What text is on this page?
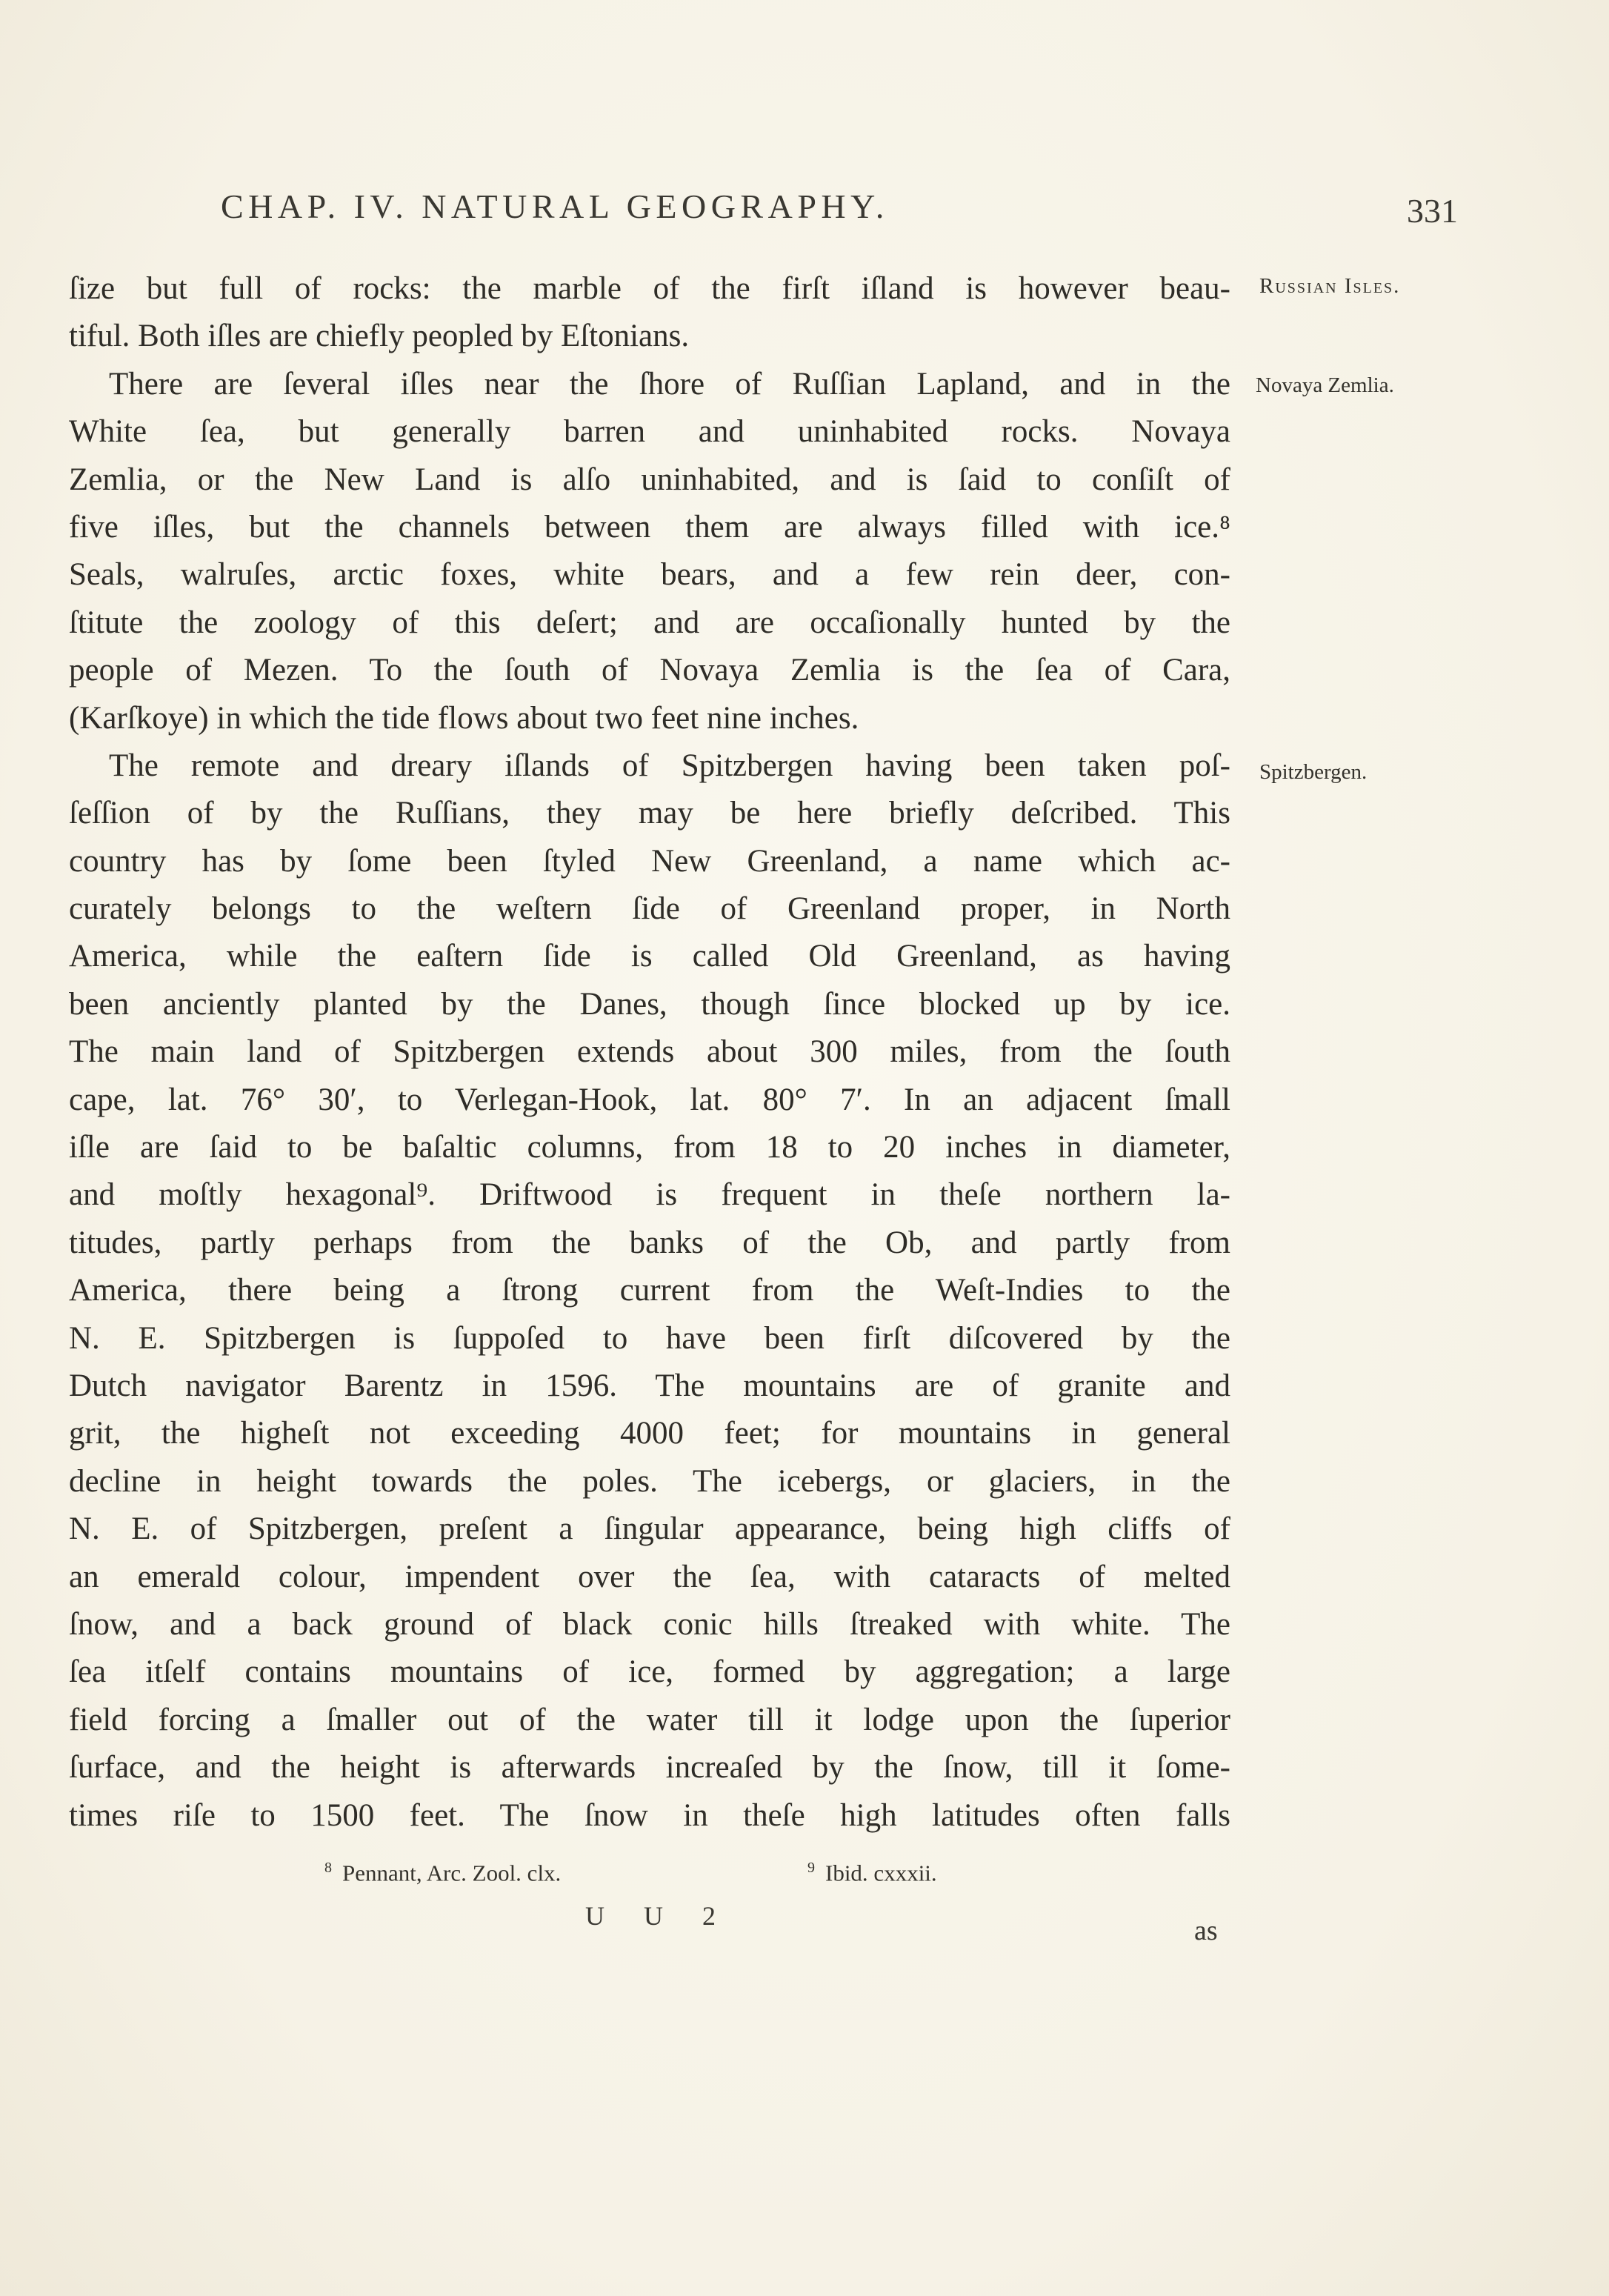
CHAP. IV. NATURAL GEOGRAPHY.	331
Russian Isles.
Novaya Zemlia.
Spitzbergen.
ſize but full of rocks: the marble of the firſt iſland is however beau-
tiful. Both iſles are chiefly peopled by Eſtonians.
There are ſeveral iſles near the ſhore of Ruſſian Lapland, and in the
White ſea, but generally barren and uninhabited rocks. Novaya
Zemlia, or the New Land is alſo uninhabited, and is ſaid to conſiſt of
five iſles, but the channels between them are always filled with ice.⁸
Seals, walruſes, arctic foxes, white bears, and a few rein deer, con-
ſtitute the zoology of this deſert; and are occaſionally hunted by the
people of Mezen. To the ſouth of Novaya Zemlia is the ſea of Cara,
(Karſkoye) in which the tide flows about two feet nine inches.
The remote and dreary iſlands of Spitzbergen having been taken poſ-
ſeſſion of by the Ruſſians, they may be here briefly deſcribed. This
country has by ſome been ſtyled New Greenland, a name which ac-
curately belongs to the weſtern ſide of Greenland proper, in North
America, while the eaſtern ſide is called Old Greenland, as having
been anciently planted by the Danes, though ſince blocked up by ice.
The main land of Spitzbergen extends about 300 miles, from the ſouth
cape, lat. 76° 30′, to Verlegan-Hook, lat. 80° 7′. In an adjacent ſmall
iſle are ſaid to be baſaltic columns, from 18 to 20 inches in diameter,
and moſtly hexagonal⁹. Driftwood is frequent in theſe northern la-
titudes, partly perhaps from the banks of the Ob, and partly from
America, there being a ſtrong current from the Weſt-Indies to the
N. E. Spitzbergen is ſuppoſed to have been firſt diſcovered by the
Dutch navigator Barentz in 1596. The mountains are of granite and
grit, the higheſt not exceeding 4000 feet; for mountains in general
decline in height towards the poles. The icebergs, or glaciers, in the
N. E. of Spitzbergen, preſent a ſingular appearance, being high cliffs of
an emerald colour, impendent over the ſea, with cataracts of melted
ſnow, and a back ground of black conic hills ſtreaked with white. The
ſea itſelf contains mountains of ice, formed by aggregation; a large
field forcing a ſmaller out of the water till it lodge upon the ſuperior
ſurface, and the height is afterwards increaſed by the ſnow, till it ſome-
times riſe to 1500 feet. The ſnow in theſe high latitudes often falls
$^8$ Pennant, Arc. Zool. clx.	$^9$ Ibid. cxxxii.
U U 2	as
